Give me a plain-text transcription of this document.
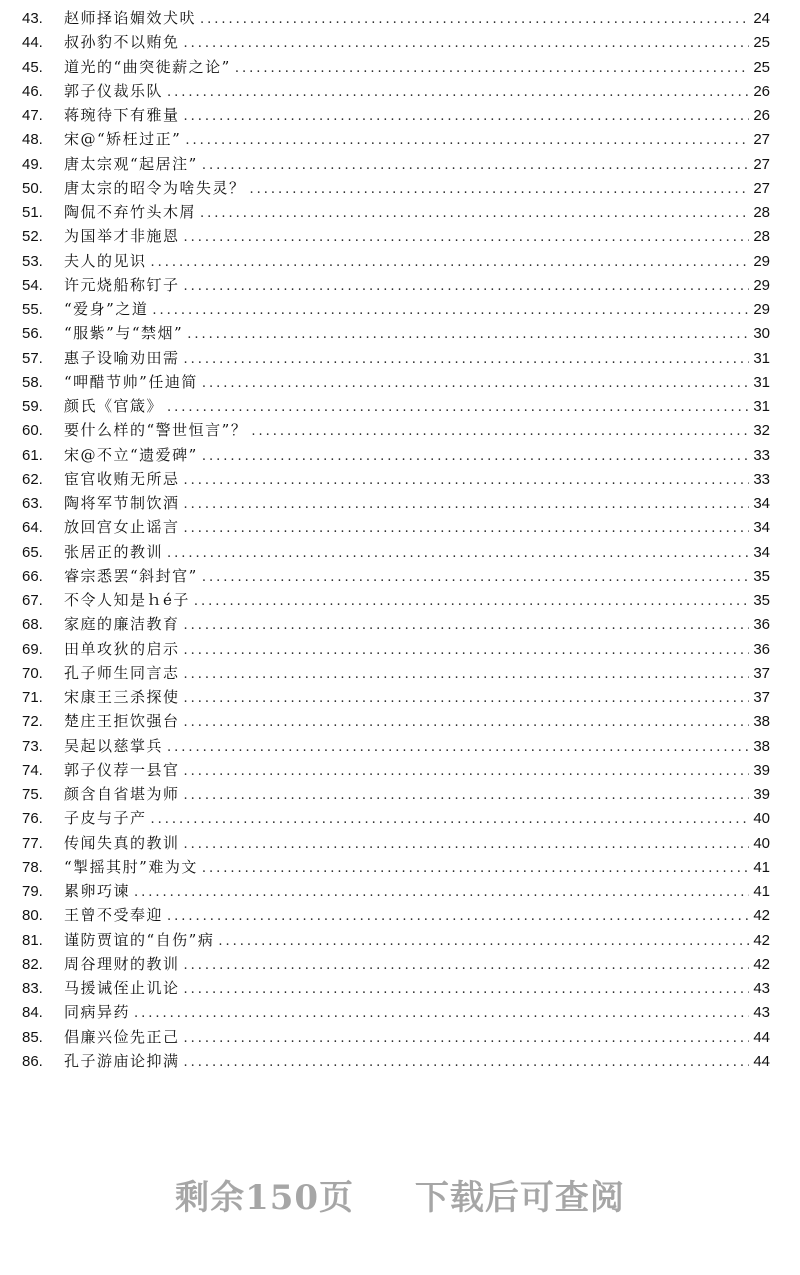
43.	赵师择谄媚效犬吠 .....	24
44.	叔孙豹不以贿免 .....	25
45.	道光的“曲突徙薪之论” .....	25
46.	郭子仪裁乐队 .....	26
47.	蒋琬待下有雅量 .....	26
48.	宋@“矫枉过正” .....	27
49.	唐太宗观“起居注” .....	27
50.	唐太宗的昭令为啥失灵？ .....	27
51.	陶侃不弃竹头木屑 .....	28
52.	为国举才非施恩 .....	28
53.	夫人的见识 .....	29
54.	许元烧船称钉子 .....	29
55.	“爱身”之道 .....	29
56.	“服紫”与“禁烟” .....	30
57.	惠子设喻劝田需 .....	31
58.	“呷醋节帅”任迪简 .....	31
59.	颜氏《官箴》 .....	31
60.	要什么样的“警世恒言”？ .....	32
61.	宋@不立“遗爱碑” .....	33
62.	宦官收贿无所忌 .....	33
63.	陶将军节制饮酒 .....	34
64.	放回宫女止谣言 .....	34
65.	张居正的教训 .....	34
66.	睿宗悉罢“斜封官” .....	35
67.	不令人知是ｈé子 .....	35
68.	家庭的廉洁教育 .....	36
69.	田单攻狄的启示 .....	36
70.	孔子师生同言志 .....	37
71.	宋康王三杀探使 .....	37
72.	楚庄王拒饮强台 .....	38
73.	吴起以慈掌兵 .....	38
74.	郭子仪荐一县官 .....	39
75.	颜含自省堪为师 .....	39
76.	子皮与子产 .....	40
77.	传闻失真的教训 .....	40
78.	“掣摇其肘”难为文 .....	41
79.	累卵巧谏 .....	41
80.	王曾不受奉迎 .....	42
81.	谨防贾谊的“自伤”病 .....	42
82.	周谷理财的教训 .....	42
83.	马援诫侄止讥论 .....	43
84.	同病异药 .....	43
85.	倡廉兴俭先正己 .....	44
86.	孔子游庙论抑满 .....	44
剩余150页 下载后可查阅
